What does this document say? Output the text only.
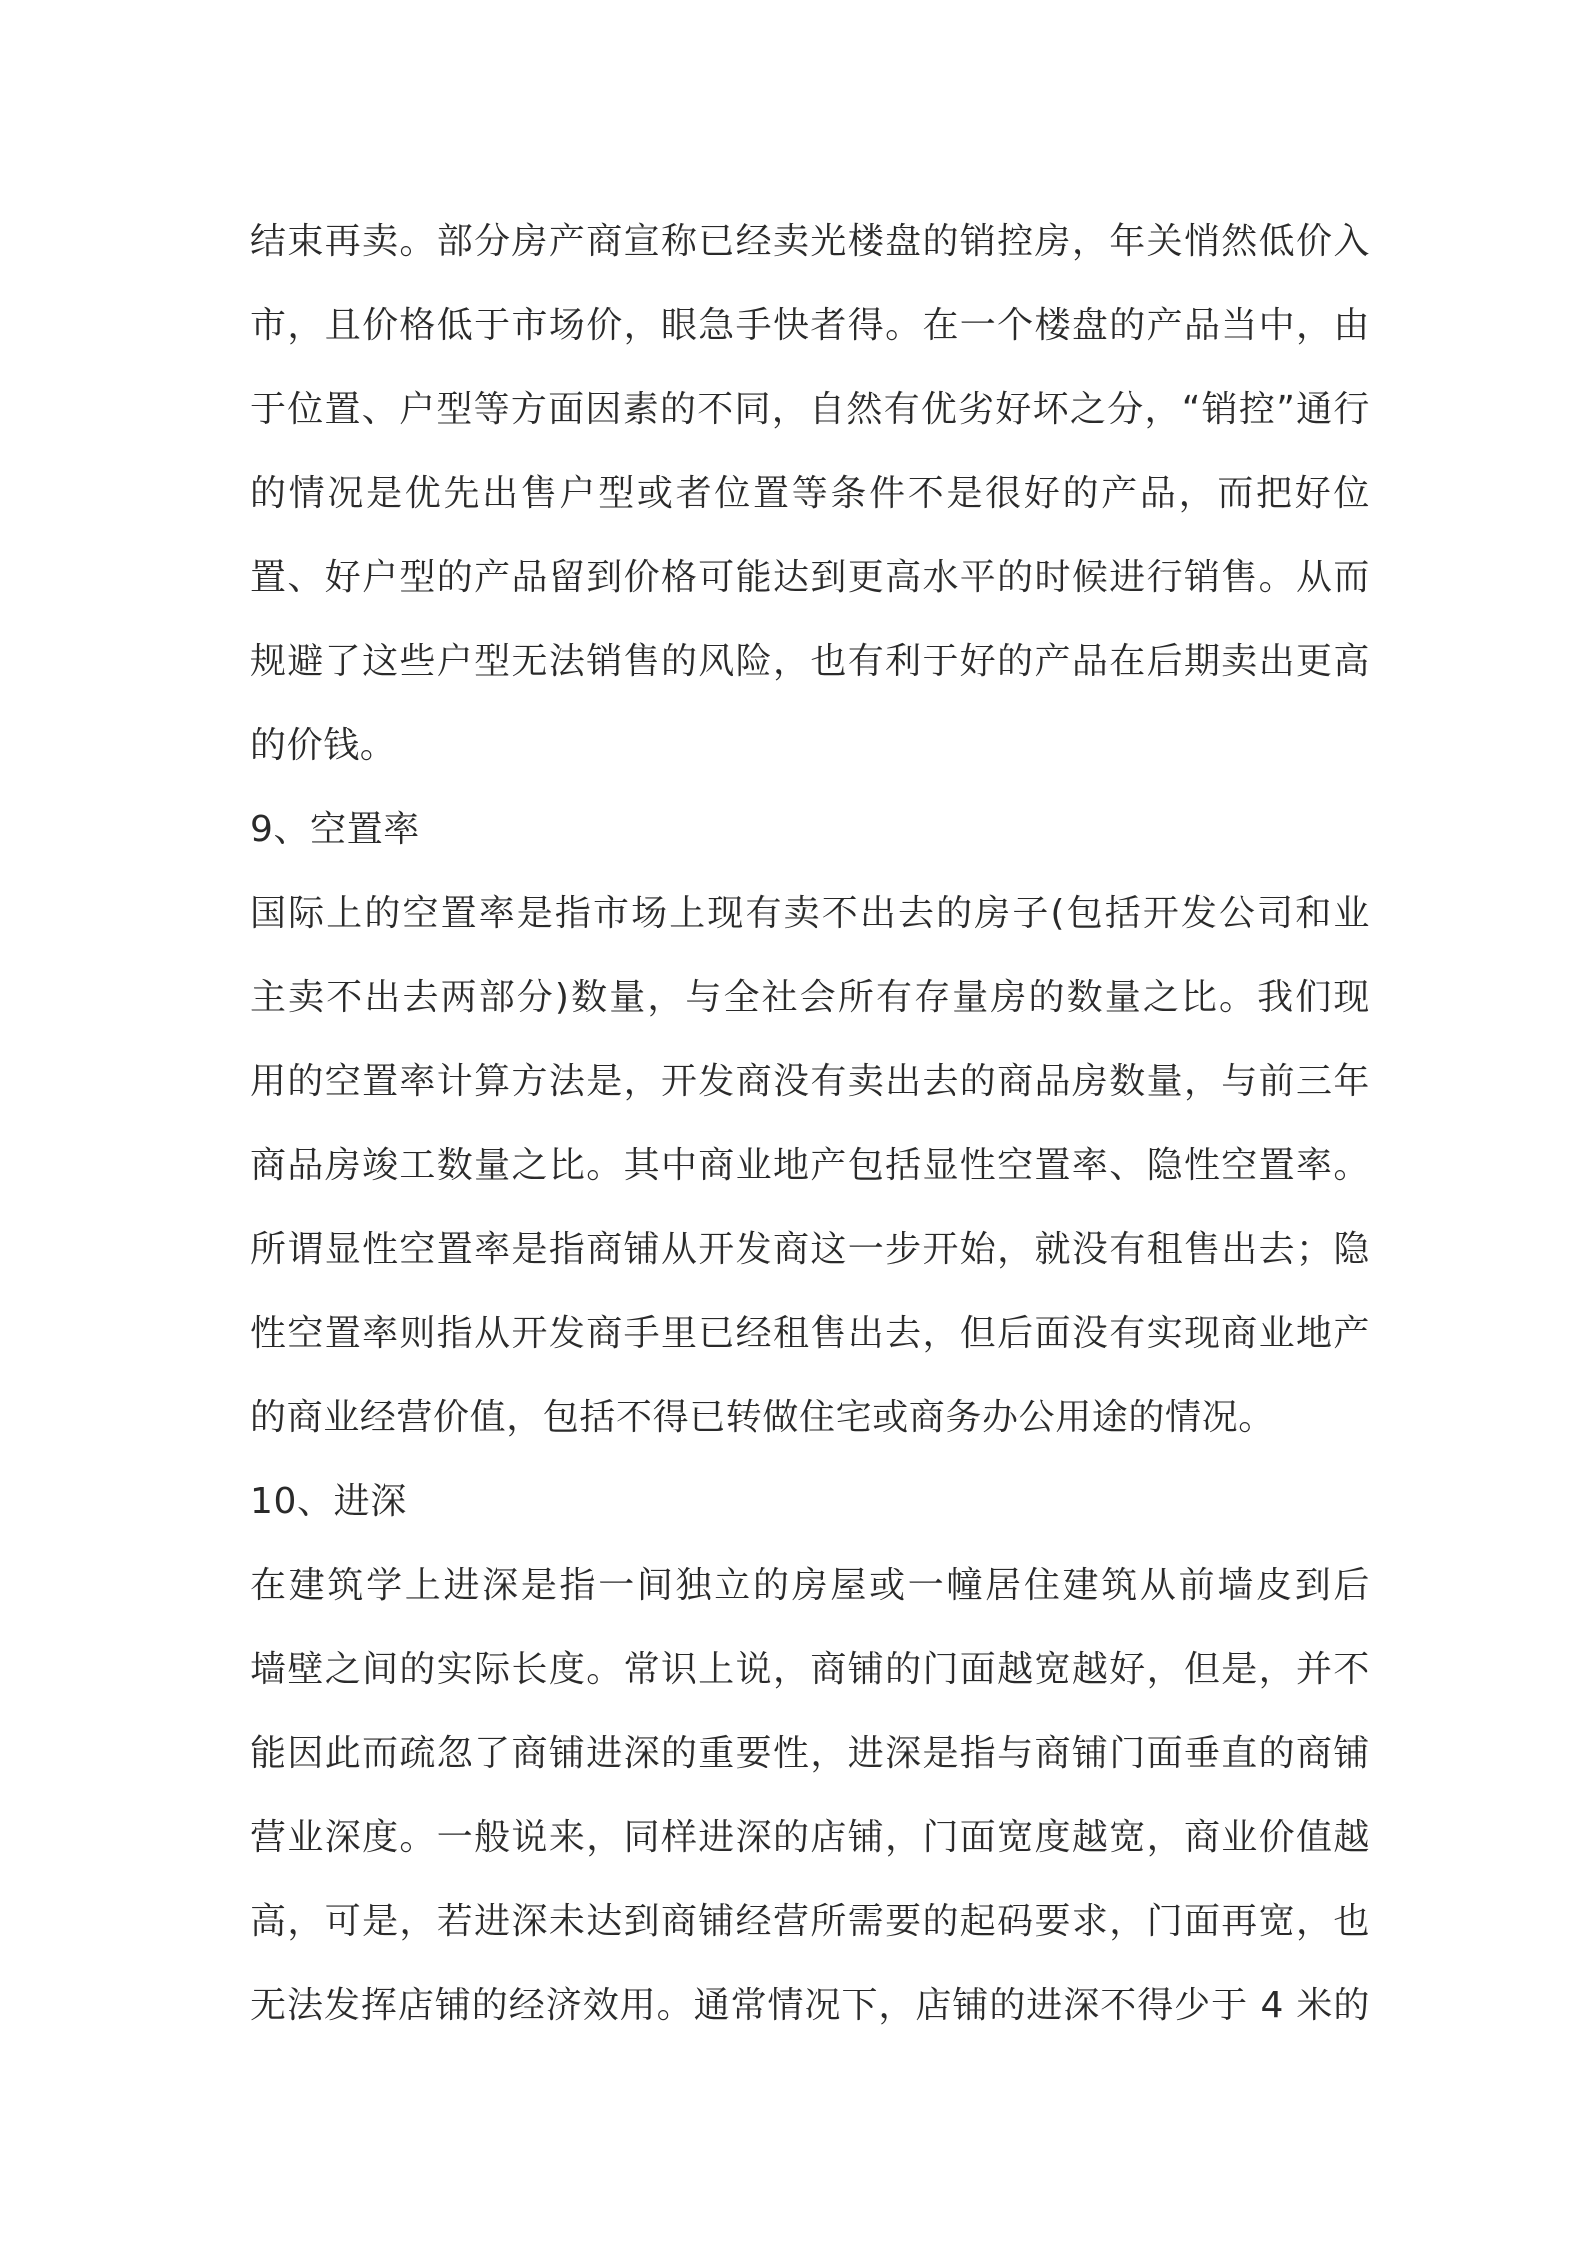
结束再卖。部分房产商宣称已经卖光楼盘的销控房，年关悄然低价入
市，且价格低于市场价，眼急手快者得。在一个楼盘的产品当中，由
于位置、户型等方面因素的不同，自然有优劣好坏之分，“销控”通行
的情况是优先出售户型或者位置等条件不是很好的产品，而把好位
置、好户型的产品留到价格可能达到更高水平的时候进行销售。从而
规避了这些户型无法销售的风险，也有利于好的产品在后期卖出更高
的价钱。
9、空置率
国际上的空置率是指市场上现有卖不出去的房子(包括开发公司和业
主卖不出去两部分)数量，与全社会所有存量房的数量之比。我们现
用的空置率计算方法是，开发商没有卖出去的商品房数量，与前三年
商品房竣工数量之比。其中商业地产包括显性空置率、隐性空置率。
所谓显性空置率是指商铺从开发商这一步开始，就没有租售出去；隐
性空置率则指从开发商手里已经租售出去，但后面没有实现商业地产
的商业经营价值，包括不得已转做住宅或商务办公用途的情况。
10、进深
在建筑学上进深是指一间独立的房屋或一幢居住建筑从前墙皮到后
墙壁之间的实际长度。常识上说，商铺的门面越宽越好，但是，并不
能因此而疏忽了商铺进深的重要性，进深是指与商铺门面垂直的商铺
营业深度。一般说来，同样进深的店铺，门面宽度越宽，商业价值越
高，可是，若进深未达到商铺经营所需要的起码要求，门面再宽，也
无法发挥店铺的经济效用。通常情况下，店铺的进深不得少于 4 米的
